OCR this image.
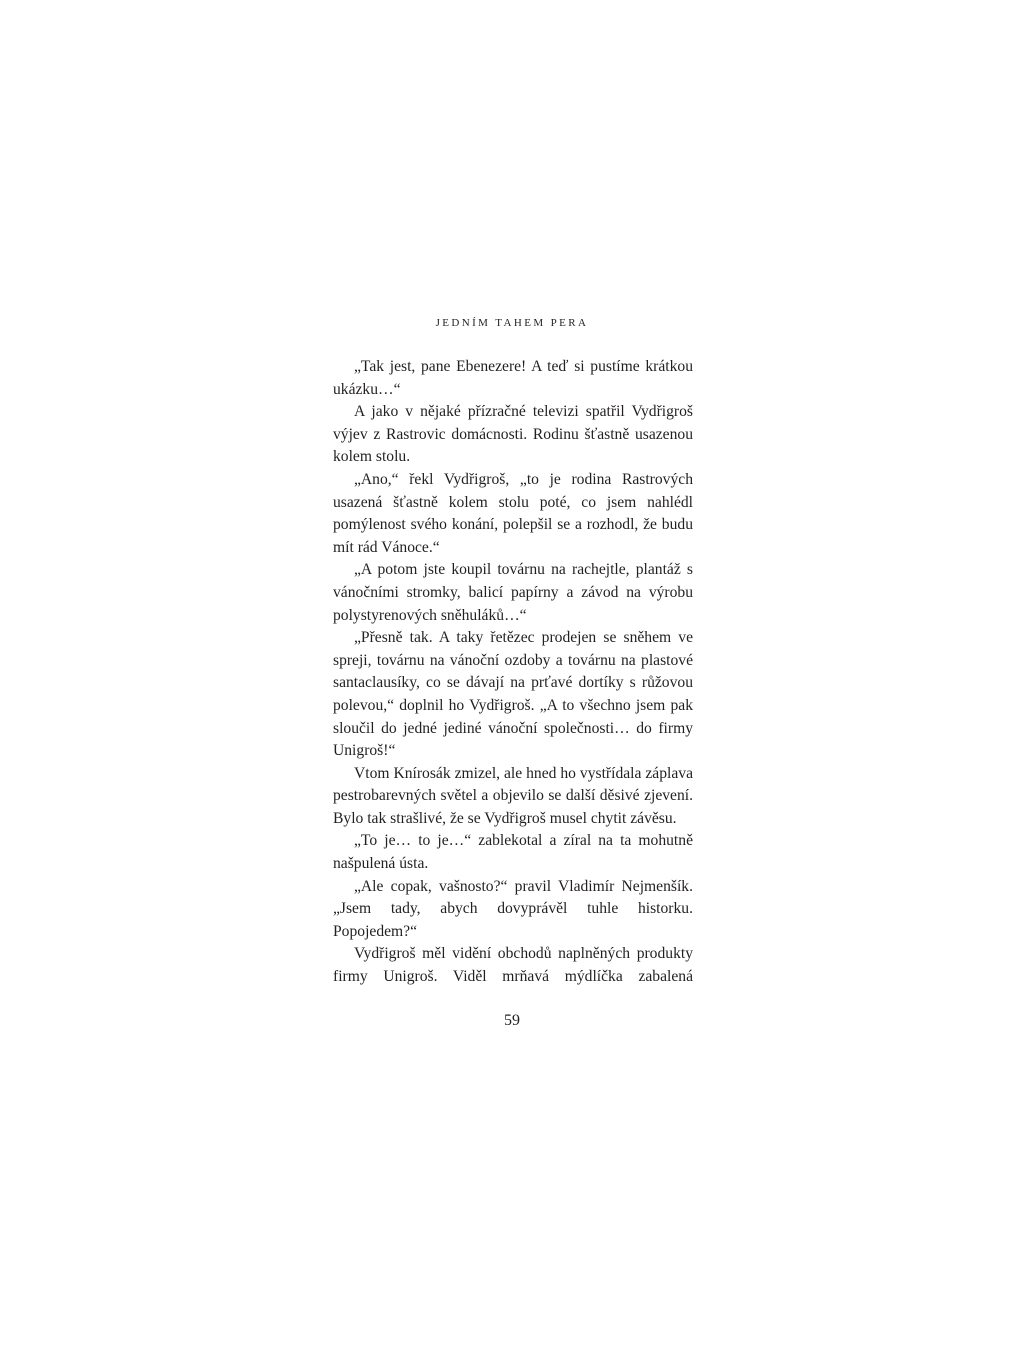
JEDNÍM TAHEM PERA

„Tak jest, pane Ebenezere! A teď si pustíme krátkou ukázku…“

A jako v nějaké přízračné televizi spatřil Vydřigroš výjev z Rastrovic domácnosti. Rodinu šťastně usazenou kolem stolu.

„Ano,“ řekl Vydřigroš, „to je rodina Rastrových usazená šťastně kolem stolu poté, co jsem nahlédl pomýlenost svého konání, polepšil se a rozhodl, že budu mít rád Vánoce.“

„A potom jste koupil továrnu na rachejtle, plantáž s vánočními stromky, balicí papírny a závod na výrobu polystyrenových sněhuláků…“

„Přesně tak. A taky řetězec prodejen se sněhem ve spreji, továrnu na vánoční ozdoby a továrnu na plastové santaclausíky, co se dávají na prťavé dortíky s růžovou polevou,“ doplnil ho Vydřigroš. „A to všechno jsem pak sloučil do jedné jediné vánoční společnosti… do firmy Unigroš!“

Vtom Knírosák zmizel, ale hned ho vystřídala záplava pestrobarevných světel a objevilo se další děsivé zjevení. Bylo tak strašlivé, že se Vydřigroš musel chytit závěsu.

„To je… to je…“ zablekotal a zíral na ta mohutně našpulená ústa.

„Ale copak, vašnosto?“ pravil Vladimír Nejmenšík. „Jsem tady, abych dovyprávěl tuhle historku. Popojedem?“

Vydřigroš měl vidění obchodů naplněných produkty firmy Unigroš. Viděl mrňavá mýdlíčka zabalená

59
